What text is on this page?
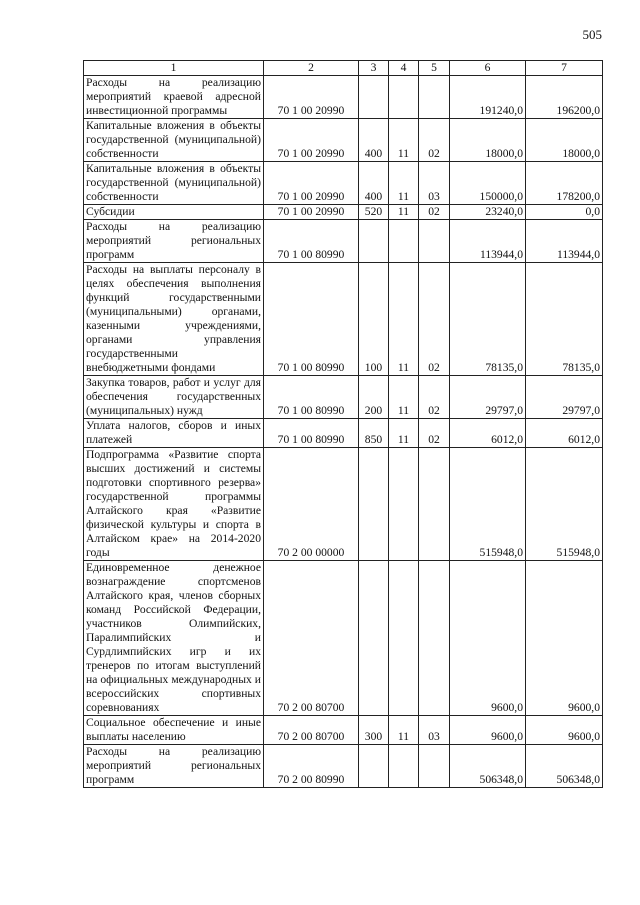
505
1	2	3	4	5	6	7
Расходы на реализацию мероприятий краевой адресной инвестиционной программы	70 1 00 20990				191240,0	196200,0
Капитальные вложения в объекты государственной (муниципальной) собственности	70 1 00 20990	400	11	02	18000,0	18000,0
Капитальные вложения в объекты государственной (муниципальной) собственности	70 1 00 20990	400	11	03	150000,0	178200,0
Субсидии	70 1 00 20990	520	11	02	23240,0	0,0
Расходы на реализацию мероприятий региональных программ	70 1 00 80990				113944,0	113944,0
Расходы на выплаты персоналу в целях обеспечения выполнения функций государственными (муниципальными) органами, казенными учреждениями, органами управления государственными внебюджетными фондами	70 1 00 80990	100	11	02	78135,0	78135,0
Закупка товаров, работ и услуг для обеспечения государственных (муниципальных) нужд	70 1 00 80990	200	11	02	29797,0	29797,0
Уплата налогов, сборов и иных платежей	70 1 00 80990	850	11	02	6012,0	6012,0
Подпрограмма «Развитие спорта высших достижений и системы подготовки спортивного резерва» государственной программы Алтайского края «Развитие физической культуры и спорта в Алтайском крае» на 2014-2020 годы	70 2 00 00000				515948,0	515948,0
Единовременное денежное вознаграждение спортсменов Алтайского края, членов сборных команд Российской Федерации, участников Олимпийских, Паралимпийских и Сурдлимпийских игр и их тренеров по итогам выступлений на официальных международных и всероссийских спортивных соревнованиях	70 2 00 80700				9600,0	9600,0
Социальное обеспечение и иные выплаты населению	70 2 00 80700	300	11	03	9600,0	9600,0
Расходы на реализацию мероприятий региональных программ	70 2 00 80990				506348,0	506348,0
